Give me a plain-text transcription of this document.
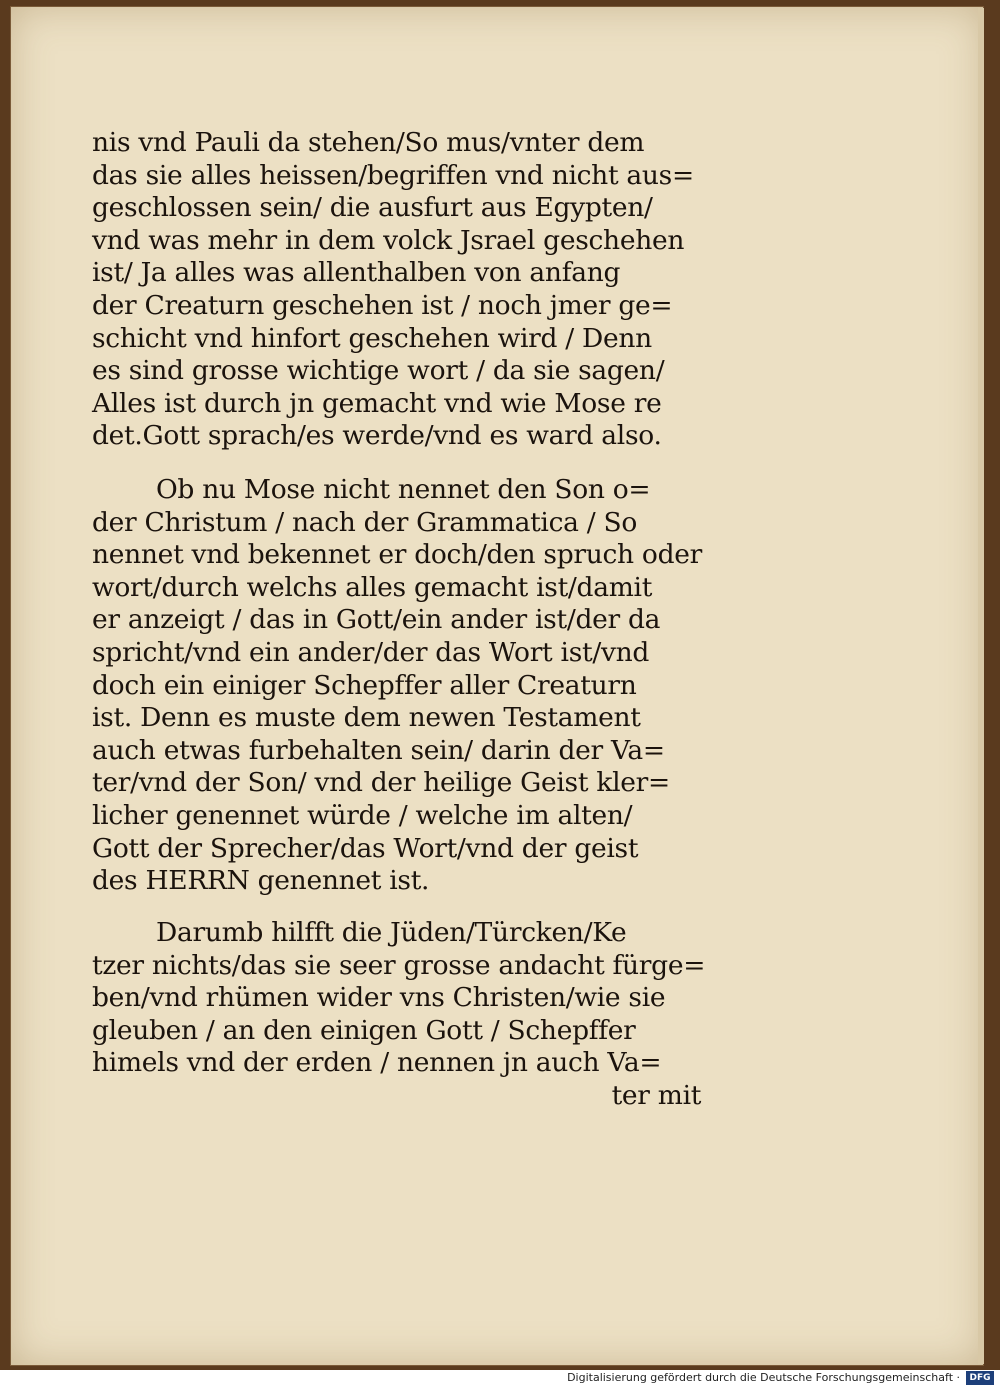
nis vnd Pauli da stehen/So mus/vnter dem
das sie alles heissen/begriffen vnd nicht aus=
geschlossen sein/ die ausfurt aus Egypten/
vnd was mehr in dem volck Jsrael geschehen
ist/ Ja alles was allenthalben von anfang
der Creaturn geschehen ist / noch jmer ge=
schicht vnd hinfort geschehen wird / Denn
es sind grosse wichtige wort / da sie sagen/
Alles ist durch jn gemacht vnd wie Mose re
det.Gott sprach/es werde/vnd es ward also.
Ob nu Mose nicht nennet den Son o=
der Christum / nach der Grammatica / So
nennet vnd bekennet er doch/den spruch oder
wort/durch welchs alles gemacht ist/damit
er anzeigt / das in Gott/ein ander ist/der da
spricht/vnd ein ander/der das Wort ist/vnd
doch ein einiger Schepffer aller Creaturn
ist. Denn es muste dem newen Testament
auch etwas furbehalten sein/ darin der Va=
ter/vnd der Son/ vnd der heilige Geist kler=
licher genennet würde / welche im alten/
Gott der Sprecher/das Wort/vnd der geist
des HERRN genennet ist.
Darumb hilfft die Jüden/Türcken/Ke
tzer nichts/das sie seer grosse andacht fürge=
ben/vnd rhümen wider vns Christen/wie sie
gleuben / an den einigen Gott / Schepffer
himels vnd der erden / nennen jn auch Va=
ter mit
Digitalisierung gefördert durch die Deutsche Forschungsgemeinschaft ·	DFG
